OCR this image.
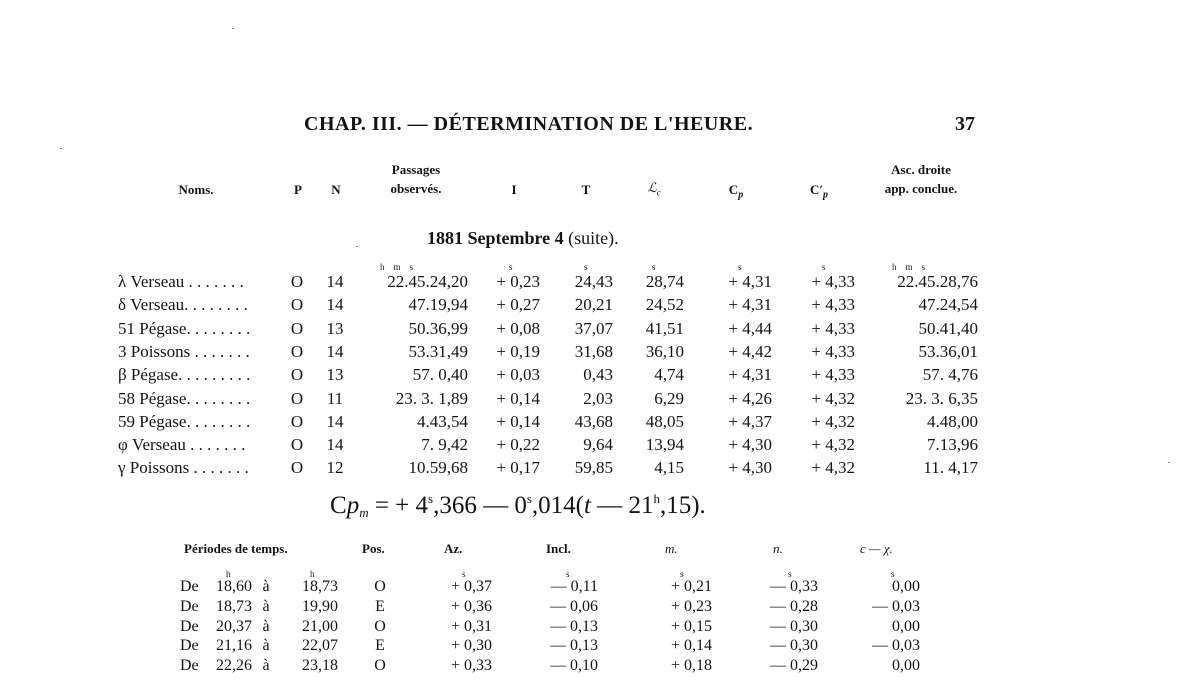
CHAP. III. — DÉTERMINATION DE L'HEURE.	37
Noms.	P	N
Passages
observés.	I	T	ℒ$_c$	$C_p$	$C'_p$
Asc. droite
app. conclue.
1881 Septembre 4 (suite).
h    m    s	s	s	s	s	s	h    m    s
λ Verseau . . . . . . .	O 14	22.45.24,20	+ 0,23	24,43	28,74	+ 4,31	+ 4,33	22.45.28,76
δ Verseau. . . . . . . .	O 14	47.19,94	+ 0,27	20,21	24,52	+ 4,31	+ 4,33	47.24,54
51 Pégase. . . . . . . .	O 13	50.36,99	+ 0,08	37,07	41,51	+ 4,44	+ 4,33	50.41,40
3 Poissons . . . . . . .	O 14	53.31,49	+ 0,19	31,68	36,10	+ 4,42	+ 4,33	53.36,01
β Pégase. . . . . . . . .	O 13	57. 0,40	+ 0,03	0,43	4,74	+ 4,31	+ 4,33	57. 4,76
58 Pégase. . . . . . . .	O 11	23. 3. 1,89	+ 0,14	2,03	6,29	+ 4,26	+ 4,32	23. 3. 6,35
59 Pégase. . . . . . . .	O 14	4.43,54	+ 0,14	43,68	48,05	+ 4,37	+ 4,32	4.48,00
φ Verseau . . . . . . .	O 14	7. 9,42	+ 0,22	9,64	13,94	+ 4,30	+ 4,32	7.13,96
γ Poissons . . . . . . .	O 12	10.59,68	+ 0,17	59,85	4,15	+ 4,30	+ 4,32	11. 4,17
$Cp_m$ = + $4^s,366$ — 0$^s$,014(t — 21$^h$,15).
Périodes de temps.	Pos.	Az.	Incl.	m.	n.	c — χ.
h	h	s	s	s	s	s
De	18,60 à	18,73	O	+ 0,37	— 0,11	+ 0,21	— 0,33	0,00
De	18,73 à	19,90	E	+ 0,36	— 0,06	+ 0,23	— 0,28	— 0,03
De	20,37 à	21,00	O	+ 0,31	— 0,13	+ 0,15	— 0,30	0,00
De	21,16 à	22,07	E	+ 0,30	— 0,13	+ 0,14	— 0,30	— 0,03
De	22,26 à	23,18	O	+ 0,33	— 0,10	+ 0,18	— 0,29	0,00
